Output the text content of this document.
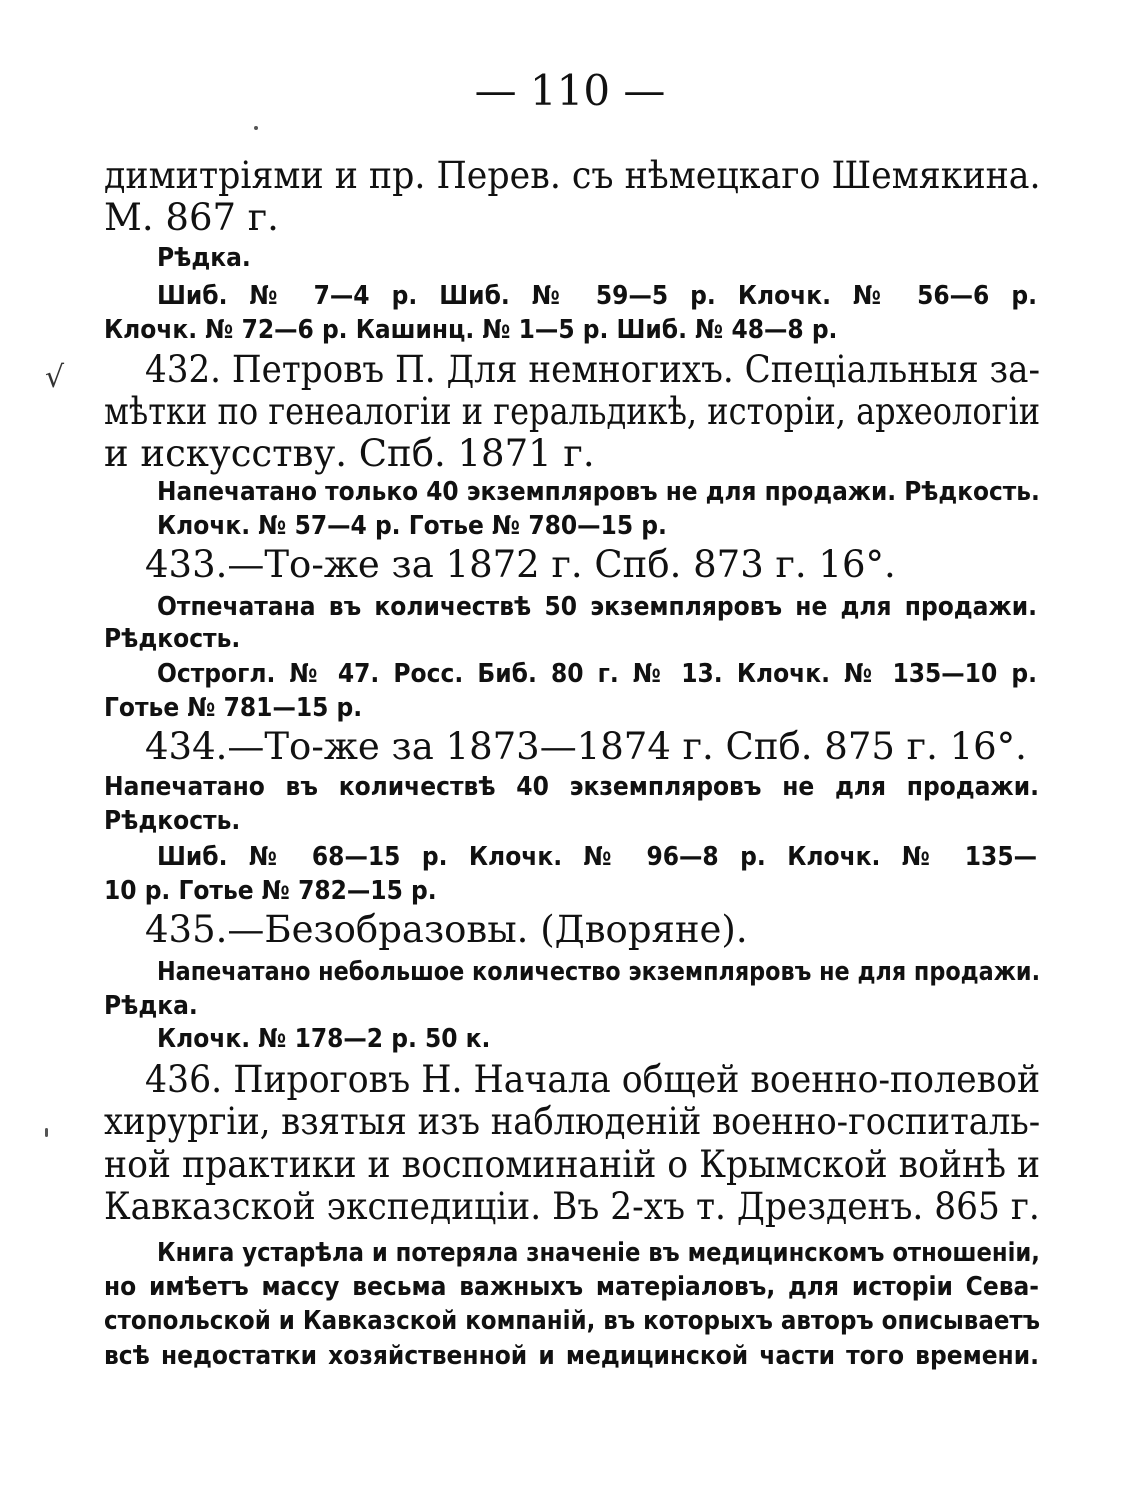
— 110 —
√
димитріями и пр. Перев. съ нѣмецкаго Шемякина.
М. 867 г.
Рѣдка.
Шиб. № 7—4 р. Шиб. № 59—5 р. Клочк. № 56—6 р.
Клочк. № 72—6 р. Кашинц. № 1—5 р. Шиб. № 48—8 р.
432. Петровъ П. Для немногихъ. Спеціальныя за-
мѣтки по генеалогіи и геральдикѣ, исторіи, археологіи
и искусству. Спб. 1871 г.
Напечатано только 40 экземпляровъ не для продажи. Рѣдкость.
Клочк. № 57—4 р. Готье № 780—15 р.
433.—То-же за 1872 г. Спб. 873 г. 16°.
Отпечатана въ количествѣ 50 экземпляровъ не для продажи.
Рѣдкость.
Острогл. № 47. Росс. Биб. 80 г. № 13. Клочк. № 135—10 р.
Готье № 781—15 р.
434.—То-же за 1873—1874 г. Спб. 875 г. 16°.
Напечатано въ количествѣ 40 экземпляровъ не для продажи.
Рѣдкость.
Шиб. № 68—15 р. Клочк. № 96—8 р. Клочк. № 135—
10 р. Готье № 782—15 р.
435.—Безобразовы. (Дворяне).
Напечатано небольшое количество экземпляровъ не для продажи.
Рѣдка.
Клочк. № 178—2 р. 50 к.
436. Пироговъ Н. Начала общей военно-полевой
хирургіи, взятыя изъ наблюденій военно-госпиталь-
ной практики и воспоминаній о Крымской войнѣ и
Кавказской экспедиціи. Въ 2-хъ т. Дрезденъ. 865 г.
Книга устарѣла и потеряла значеніе въ медицинскомъ отношеніи,
но имѣетъ массу весьма важныхъ матеріаловъ, для исторіи Сева-
стопольской и Кавказской компаній, въ которыхъ авторъ описываетъ
всѣ недостатки хозяйственной и медицинской части того времени.
